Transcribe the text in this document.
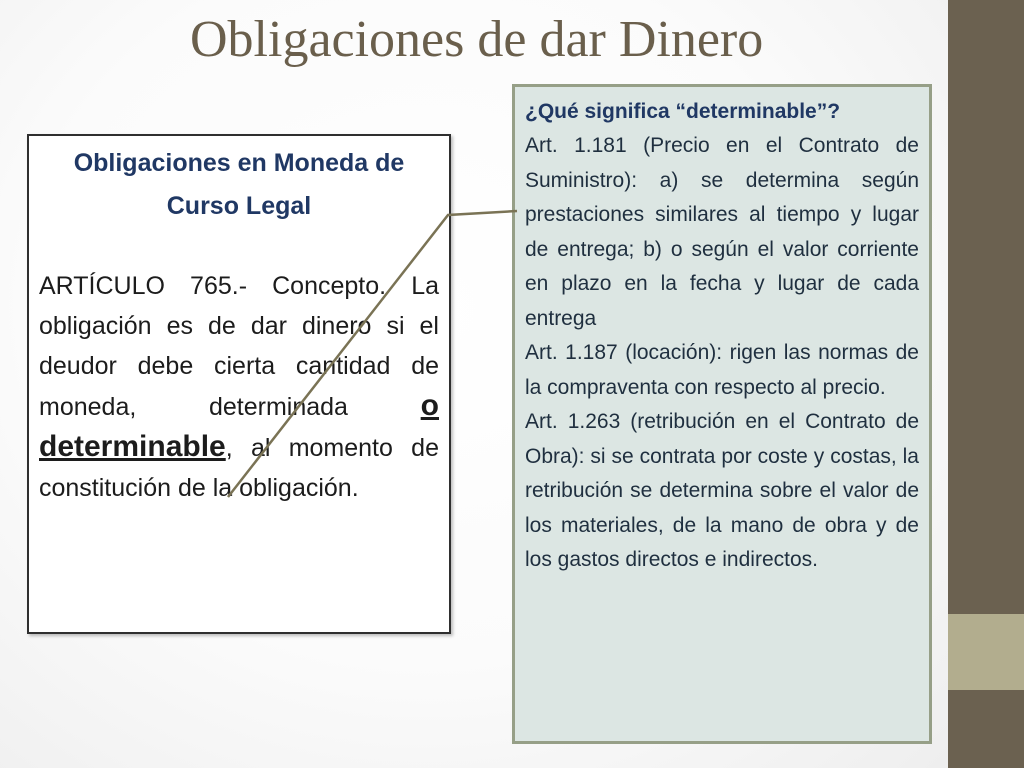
Obligaciones de dar Dinero

Obligaciones en Moneda de Curso Legal

ARTÍCULO 765.- Concepto. La obligación es de dar dinero si el deudor debe cierta cantidad de moneda, determinada o determinable, al momento de constitución de la obligación.
¿Qué significa “determinable”?

Art. 1.181 (Precio en el Contrato de Suministro): a) se determina según prestaciones similares al tiempo y lugar de entrega; b) o según el valor corriente en plazo en la fecha y lugar de cada entrega

Art. 1.187 (locación): rigen las normas de la compraventa con respecto al precio.

Art. 1.263 (retribución en el Contrato de Obra): si se contrata por coste y costas, la retribución se determina sobre el valor de los materiales, de la mano de obra y de los gastos directos e indirectos.
